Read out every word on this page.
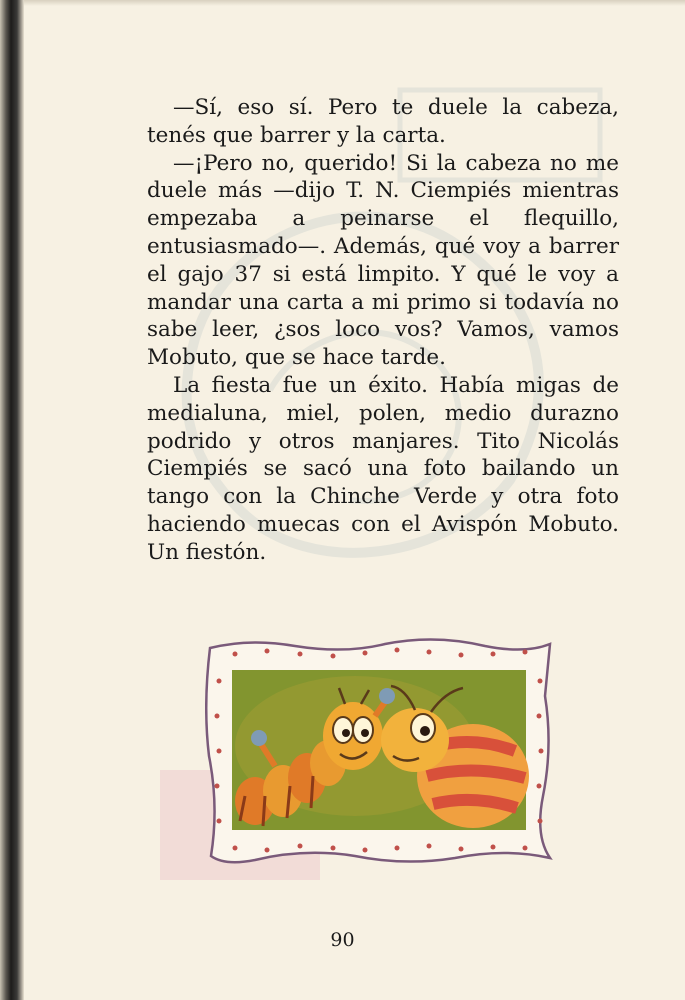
—Sí, eso sí. Pero te duele la cabeza, tenés que barrer y la carta.

—¡Pero no, querido! Si la cabeza no me duele más —dijo T. N. Ciempiés mientras empezaba a peinarse el flequillo, entusiasmado—. Además, qué voy a barrer el gajo 37 si está limpito. Y qué le voy a mandar una carta a mi primo si todavía no sabe leer, ¿sos loco vos? Vamos, vamos Mobuto, que se hace tarde.

La fiesta fue un éxito. Había migas de medialuna, miel, polen, medio durazno podrido y otros manjares. Tito Nicolás Ciempiés se sacó una foto bailando un tango con la Chinche Verde y otra foto haciendo muecas con el Avispón Mobuto. Un fiestón.

90
